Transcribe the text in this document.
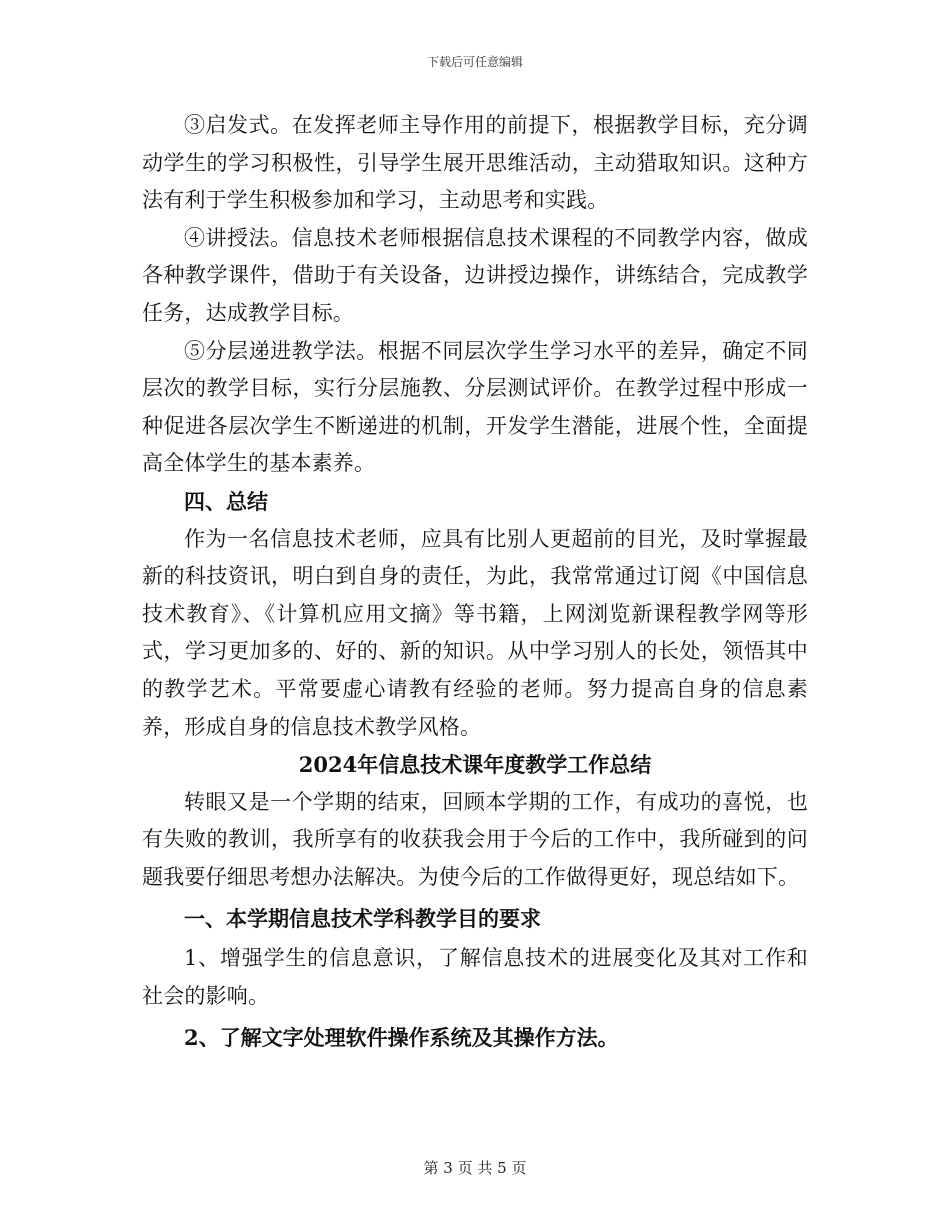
下载后可任意编辑

③启发式。在发挥老师主导作用的前提下，根据教学目标，充分调动学生的学习积极性，引导学生展开思维活动，主动猎取知识。这种方法有利于学生积极参加和学习，主动思考和实践。

④讲授法。信息技术老师根据信息技术课程的不同教学内容，做成各种教学课件，借助于有关设备，边讲授边操作，讲练结合，完成教学任务，达成教学目标。

⑤分层递进教学法。根据不同层次学生学习水平的差异，确定不同层次的教学目标，实行分层施教、分层测试评价。在教学过程中形成一种促进各层次学生不断递进的机制，开发学生潜能，进展个性，全面提高全体学生的基本素养。

四、总结

作为一名信息技术老师，应具有比别人更超前的目光，及时掌握最新的科技资讯，明白到自身的责任，为此，我常常通过订阅《中国信息技术教育》、《计算机应用文摘》等书籍，上网浏览新课程教学网等形式，学习更加多的、好的、新的知识。从中学习别人的长处，领悟其中的教学艺术。平常要虚心请教有经验的老师。努力提高自身的信息素养，形成自身的信息技术教学风格。

2024年信息技术课年度教学工作总结

转眼又是一个学期的结束，回顾本学期的工作，有成功的喜悦，也有失败的教训，我所享有的收获我会用于今后的工作中，我所碰到的问题我要仔细思考想办法解决。为使今后的工作做得更好，现总结如下。

一、本学期信息技术学科教学目的要求

1、增强学生的信息意识，了解信息技术的进展变化及其对工作和社会的影响。

2、了解文字处理软件操作系统及其操作方法。

第 3 页 共 5 页
